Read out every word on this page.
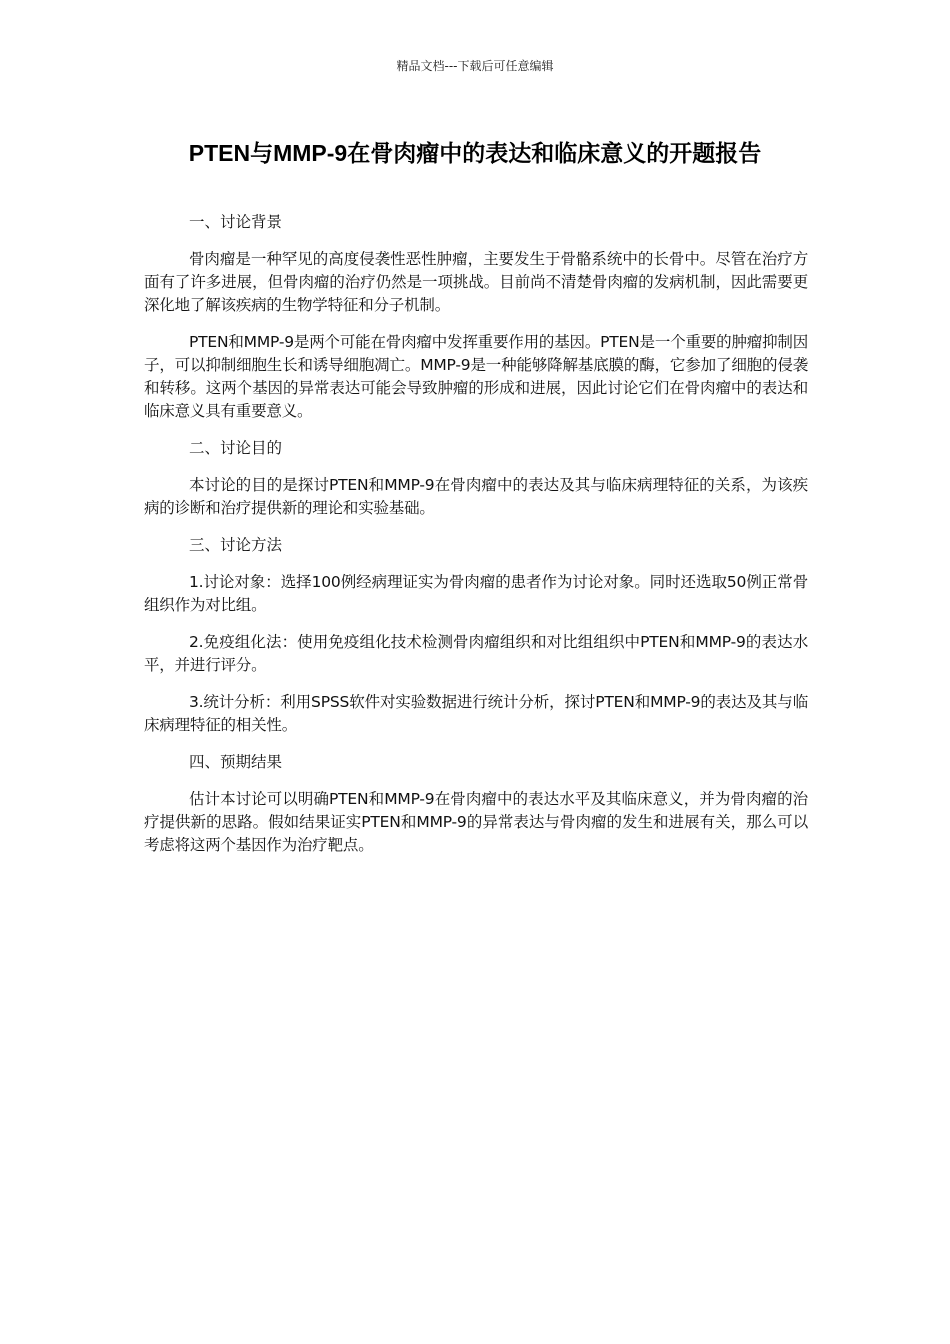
精品文档---下载后可任意编辑
PTEN与MMP-9在骨肉瘤中的表达和临床意义的开题报告

一、讨论背景

骨肉瘤是一种罕见的高度侵袭性恶性肿瘤，主要发生于骨骼系统中的长骨中。尽管在治疗方面有了许多进展，但骨肉瘤的治疗仍然是一项挑战。目前尚不清楚骨肉瘤的发病机制，因此需要更深化地了解该疾病的生物学特征和分子机制。

PTEN和MMP-9是两个可能在骨肉瘤中发挥重要作用的基因。PTEN是一个重要的肿瘤抑制因子，可以抑制细胞生长和诱导细胞凋亡。MMP-9是一种能够降解基底膜的酶，它参加了细胞的侵袭和转移。这两个基因的异常表达可能会导致肿瘤的形成和进展，因此讨论它们在骨肉瘤中的表达和临床意义具有重要意义。

二、讨论目的

本讨论的目的是探讨PTEN和MMP-9在骨肉瘤中的表达及其与临床病理特征的关系，为该疾病的诊断和治疗提供新的理论和实验基础。

三、讨论方法

1.讨论对象：选择100例经病理证实为骨肉瘤的患者作为讨论对象。同时还选取50例正常骨组织作为对比组。

2.免疫组化法：使用免疫组化技术检测骨肉瘤组织和对比组组织中PTEN和MMP-9的表达水平，并进行评分。

3.统计分析：利用SPSS软件对实验数据进行统计分析，探讨PTEN和MMP-9的表达及其与临床病理特征的相关性。

四、预期结果

估计本讨论可以明确PTEN和MMP-9在骨肉瘤中的表达水平及其临床意义，并为骨肉瘤的治疗提供新的思路。假如结果证实PTEN和MMP-9的异常表达与骨肉瘤的发生和进展有关，那么可以考虑将这两个基因作为治疗靶点。
